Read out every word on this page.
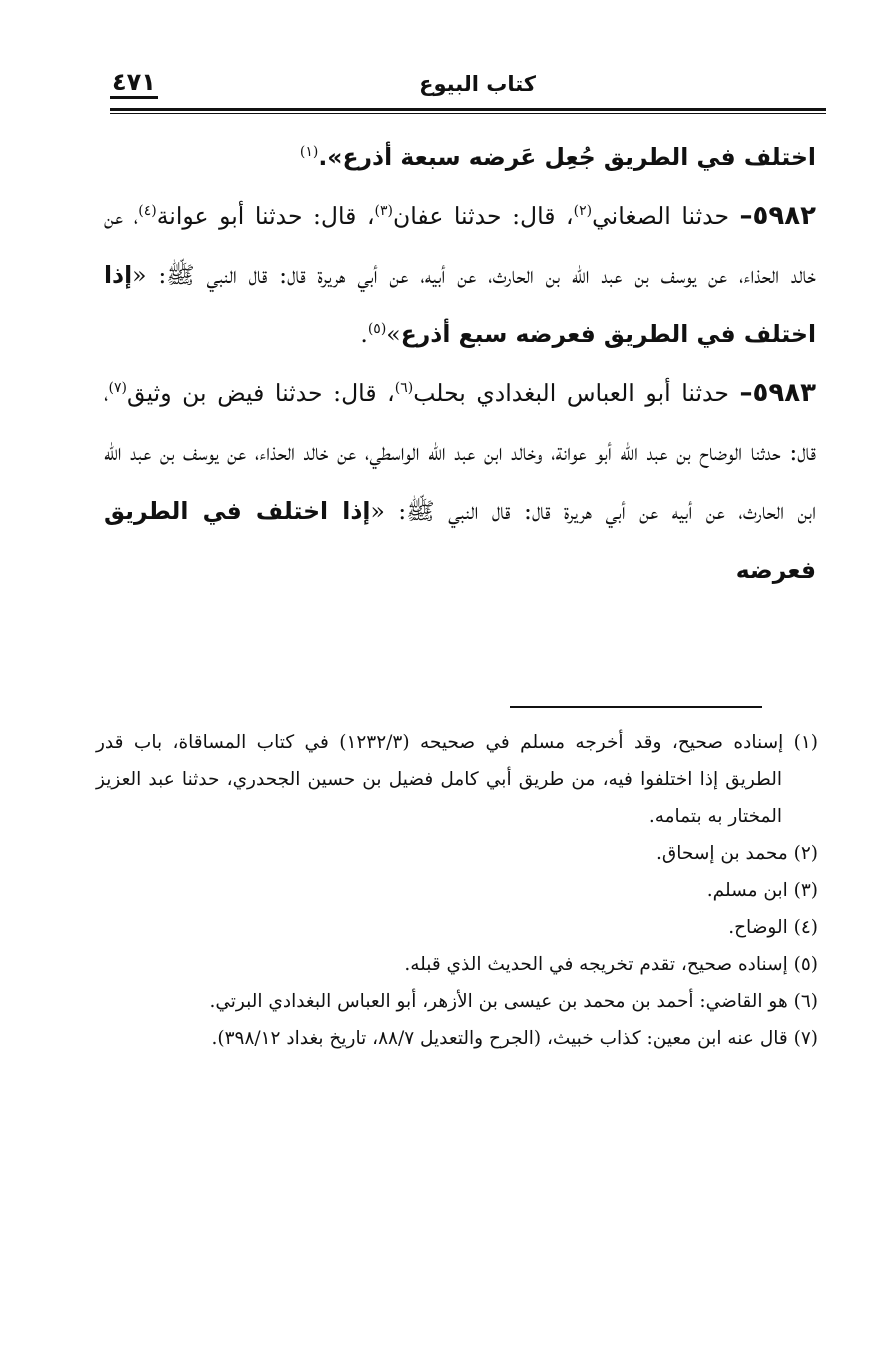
كتاب البيوع
٤٧١

اختلف في الطريق جُعِل عَرضه سبعة أذرع».$^{(١)}$

٥٩٨٢– حدثنا الصغاني$^{(٢)}$، قال: حدثنا عفان$^{(٣)}$، قال: حدثنا أبو عوانة$^{(٤)}$، عن خالد الحذاء، عن يوسف بن عبد الله بن الحارث، عن أبيه، عن أبي هريرة قال: قال النبي ﷺ: «إذا اختلف في الطريق فعرضه سبع أذرع»$^{(٥)}$.

٥٩٨٣– حدثنا أبو العباس البغدادي بحلب$^{(٦)}$، قال: حدثنا فيض بن وثيق$^{(٧)}$، قال: حدثنا الوضاح بن عبد الله أبو عوانة، وخالد ابن عبد الله الواسطي، عن خالد الحذاء، عن يوسف بن عبد الله ابن الحارث، عن أبيه عن أبي هريرة قال: قال النبي ﷺ: «إذا اختلف في الطريق فعرضه

(١) إسناده صحيح، وقد أخرجه مسلم في صحيحه (١٢٣٢/٣) في كتاب المساقاة، باب قدر الطريق إذا اختلفوا فيه، من طريق أبي كامل فضيل بن حسين الجحدري، حدثنا عبد العزيز المختار به بتمامه.

(٢) محمد بن إسحاق.

(٣) ابن مسلم.

(٤) الوضاح.

(٥) إسناده صحيح، تقدم تخريجه في الحديث الذي قبله.

(٦) هو القاضي: أحمد بن محمد بن عيسى بن الأزهر، أبو العباس البغدادي البرتي.

(٧) قال عنه ابن معين: كذاب خبيث، (الجرح والتعديل ٨٨/٧، تاريخ بغداد ٣٩٨/١٢).
